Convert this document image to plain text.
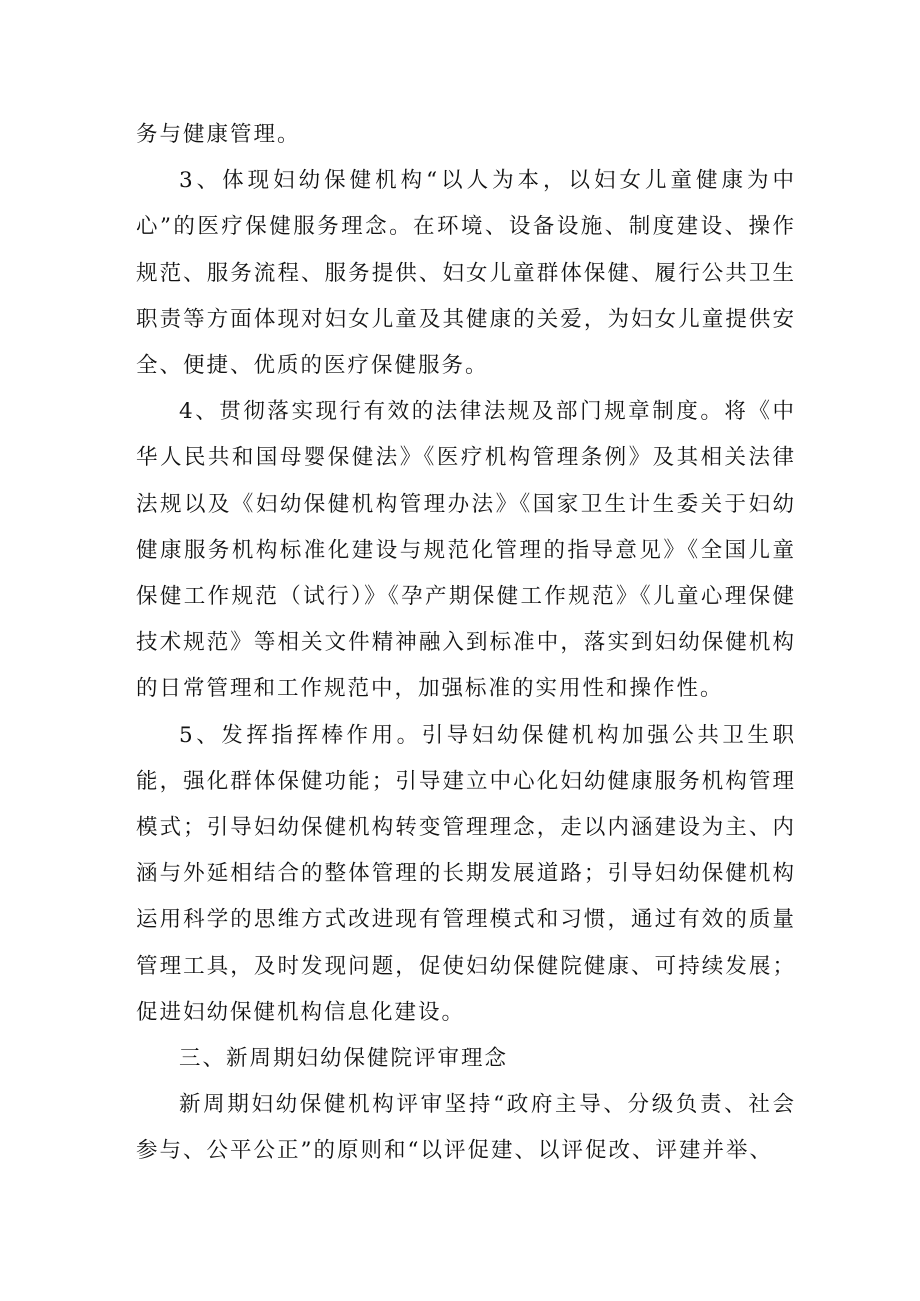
务与健康管理。

3、体现妇幼保健机构“以人为本，以妇女儿童健康为中心”的医疗保健服务理念。在环境、设备设施、制度建设、操作规范、服务流程、服务提供、妇女儿童群体保健、履行公共卫生职责等方面体现对妇女儿童及其健康的关爱，为妇女儿童提供安全、便捷、优质的医疗保健服务。

4、贯彻落实现行有效的法律法规及部门规章制度。将《中华人民共和国母婴保健法》《医疗机构管理条例》及其相关法律法规以及《妇幼保健机构管理办法》《国家卫生计生委关于妇幼健康服务机构标准化建设与规范化管理的指导意见》《全国儿童保健工作规范（试行）》《孕产期保健工作规范》《儿童心理保健技术规范》等相关文件精神融入到标准中，落实到妇幼保健机构的日常管理和工作规范中，加强标准的实用性和操作性。

5、发挥指挥棒作用。引导妇幼保健机构加强公共卫生职能，强化群体保健功能；引导建立中心化妇幼健康服务机构管理模式；引导妇幼保健机构转变管理理念，走以内涵建设为主、内涵与外延相结合的整体管理的长期发展道路；引导妇幼保健机构运用科学的思维方式改进现有管理模式和习惯，通过有效的质量管理工具，及时发现问题，促使妇幼保健院健康、可持续发展；促进妇幼保健机构信息化建设。

三、新周期妇幼保健院评审理念

新周期妇幼保健机构评审坚持“政府主导、分级负责、社会参与、公平公正”的原则和“以评促建、以评促改、评建并举、
